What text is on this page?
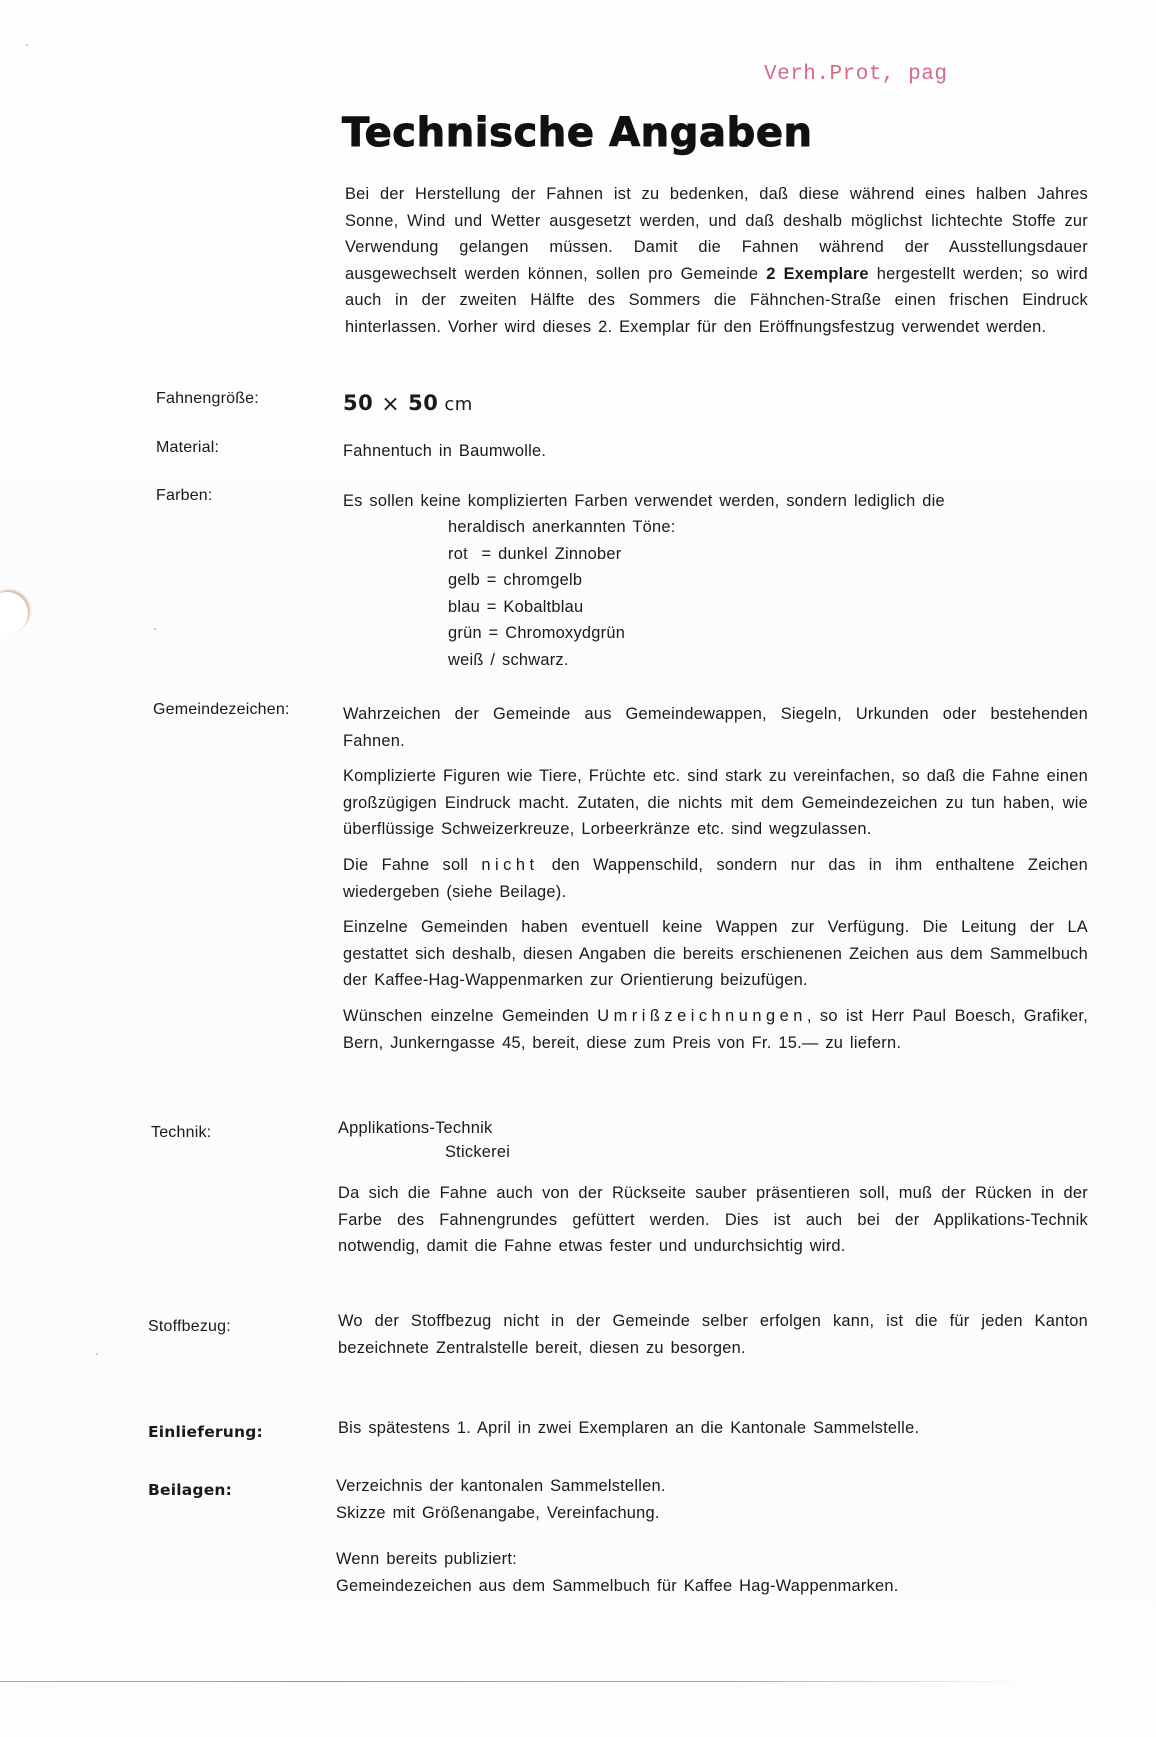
Verh.Prot, pag
Technische Angaben
Bei der Herstellung der Fahnen ist zu bedenken, daß diese während eines halben Jahres Sonne, Wind und Wetter ausgesetzt werden, und daß deshalb möglichst lichtechte Stoffe zur Verwendung gelangen müssen. Damit die Fahnen während der Ausstellungsdauer ausgewechselt werden können, sollen pro Gemeinde 2 Exemplare hergestellt werden; so wird auch in der zweiten Hälfte des Sommers die Fähnchen-Straße einen frischen Eindruck hinterlassen. Vorher wird dieses 2. Exemplar für den Eröffnungsfestzug verwendet werden.
Fahnengröße:	50 × 50 cm
Material:	Fahnentuch in Baumwolle.
Farben:	Es sollen keine komplizierten Farben verwendet werden, sondern lediglich die
heraldisch anerkannten Töne:
rot  = dunkel Zinnober
gelb = chromgelb
blau = Kobaltblau
grün = Chromoxydgrün
weiß / schwarz.
Gemeindezeichen:	Wahrzeichen der Gemeinde aus Gemeindewappen, Siegeln, Urkunden oder bestehenden Fahnen.

Komplizierte Figuren wie Tiere, Früchte etc. sind stark zu vereinfachen, so daß die Fahne einen großzügigen Eindruck macht. Zutaten, die nichts mit dem Gemeindezeichen zu tun haben, wie überflüssige Schweizerkreuze, Lorbeerkränze etc. sind wegzulassen.

Die Fahne soll nicht den Wappenschild, sondern nur das in ihm enthaltene Zeichen wiedergeben (siehe Beilage).

Einzelne Gemeinden haben eventuell keine Wappen zur Verfügung. Die Leitung der LA gestattet sich deshalb, diesen Angaben die bereits erschienenen Zeichen aus dem Sammelbuch der Kaffee-Hag-Wappenmarken zur Orientierung beizufügen.

Wünschen einzelne Gemeinden Umrißzeichnungen, so ist Herr Paul Boesch, Grafiker, Bern, Junkerngasse 45, bereit, diese zum Preis von Fr. 15.— zu liefern.

Technik:	Applikations-Technik
Stickerei
Da sich die Fahne auch von der Rückseite sauber präsentieren soll, muß der Rücken in der Farbe des Fahnengrundes gefüttert werden. Dies ist auch bei der Applikations-Technik notwendig, damit die Fahne etwas fester und undurchsichtig wird.
Stoffbezug:	Wo der Stoffbezug nicht in der Gemeinde selber erfolgen kann, ist die für jeden Kanton bezeichnete Zentralstelle bereit, diesen zu besorgen.
Einlieferung:	Bis spätestens 1. April in zwei Exemplaren an die Kantonale Sammelstelle.
Beilagen:	Verzeichnis der kantonalen Sammelstellen.
Skizze mit Größenangabe, Vereinfachung.
Wenn bereits publiziert:
Gemeindezeichen aus dem Sammelbuch für Kaffee Hag-Wappenmarken.
